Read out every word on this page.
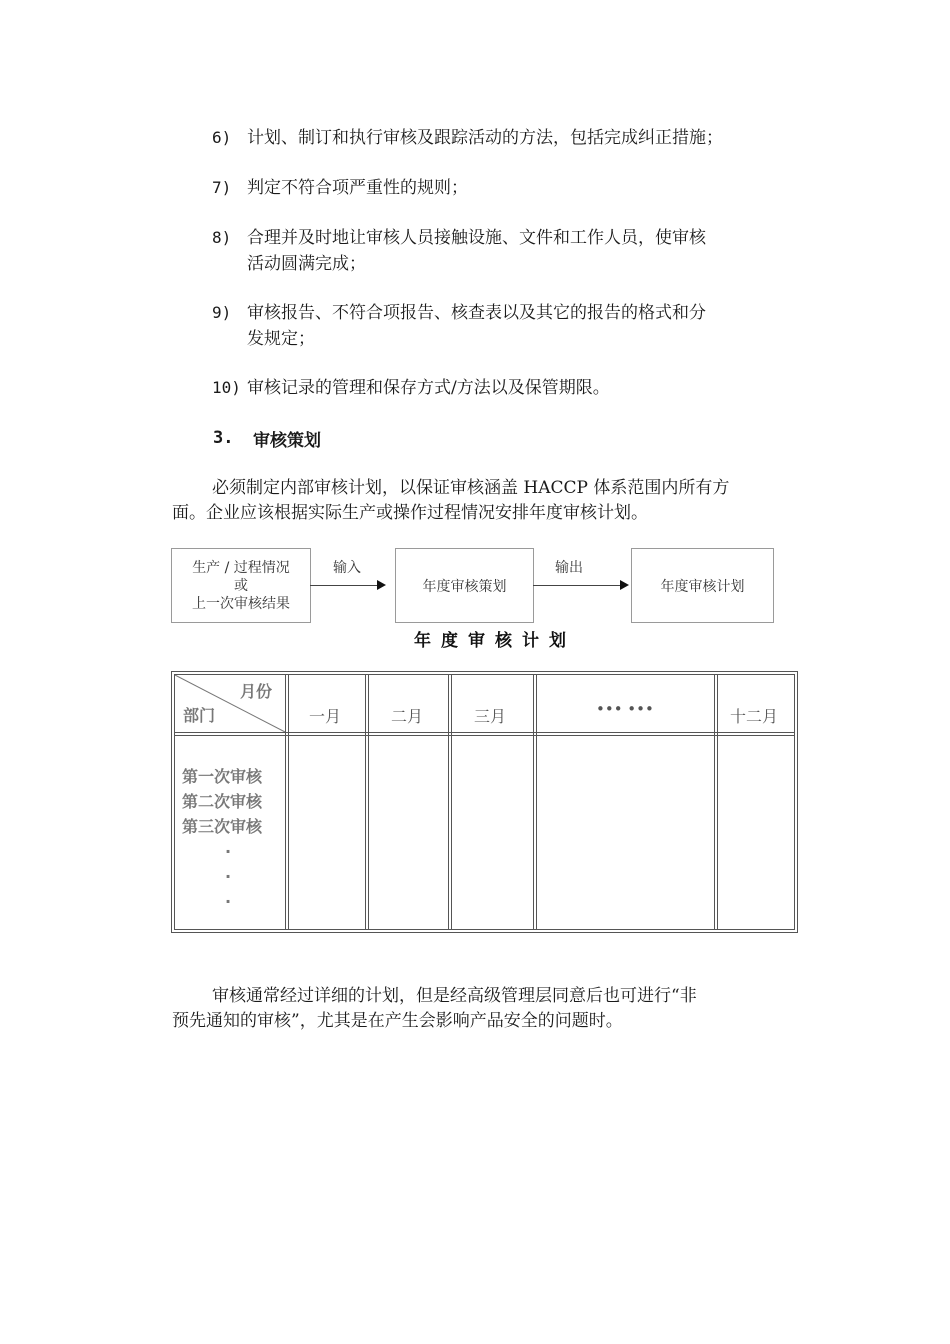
6) 计划、制订和执行审核及跟踪活动的方法，包括完成纠正措施；
7) 判定不符合项严重性的规则；
8) 合理并及时地让审核人员接触设施、文件和工作人员，使审核
活动圆满完成；
9) 审核报告、不符合项报告、核查表以及其它的报告的格式和分
发规定；
10) 审核记录的管理和保存方式/方法以及保管期限。
3. 审核策划
必须制定内部审核计划，以保证审核涵盖 HACCP 体系范围内所有方
面。企业应该根据实际生产或操作过程情况安排年度审核计划。
生产 / 过程情况
或
上一次审核结果
输入
年度审核策划
输出
年度审核计划
年度审核计划
月份
部门	一月	二月	三月	••• •••	十二月
第一次审核
第二次审核
第三次审核
·
·
·
审核通常经过详细的计划，但是经高级管理层同意后也可进行“非
预先通知的审核”，尤其是在产生会影响产品安全的问题时。
